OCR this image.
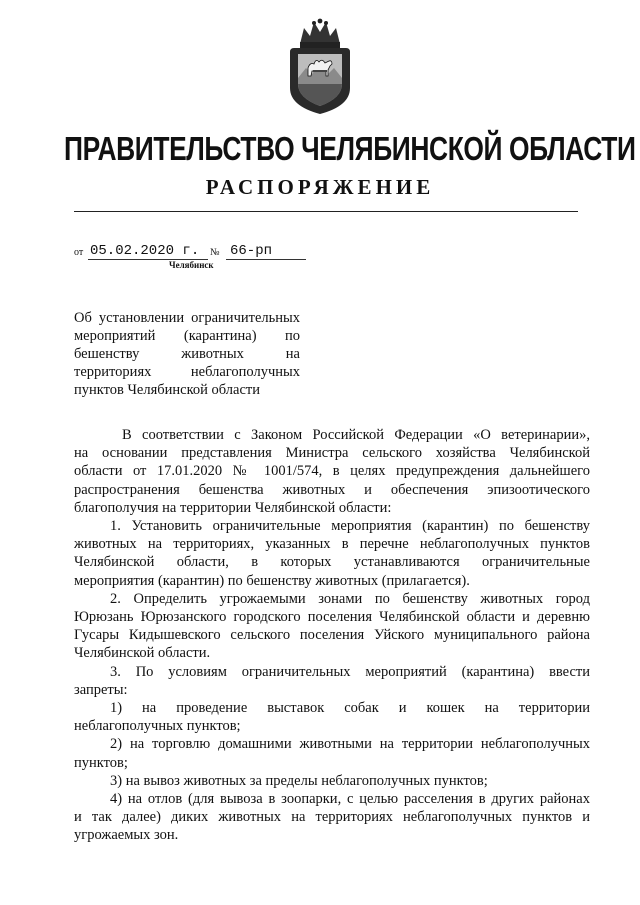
ПРАВИТЕЛЬСТВО ЧЕЛЯБИНСКОЙ ОБЛАСТИ
РАСПОРЯЖЕНИЕ
от 05.02.2020 г.	№ 66-рп
Челябинск
Об установлении ограничительных
мероприятий (карантина) по
бешенству животных на
территориях неблагополучных
пунктов Челябинской области
В соответствии с Законом Российской Федерации «О ветеринарии»,
на основании представления Министра сельского хозяйства Челябинской
области от 17.01.2020 № 1001/574, в целях предупреждения дальнейшего
распространения бешенства животных и обеспечения эпизоотического
благополучия на территории Челябинской области:
1. Установить ограничительные мероприятия (карантин) по бешенству
животных на территориях, указанных в перечне неблагополучных пунктов
Челябинской области, в которых устанавливаются ограничительные
мероприятия (карантин) по бешенству животных (прилагается).
2. Определить угрожаемыми зонами по бешенству животных город
Юрюзань Юрюзанского городского поселения Челябинской области и деревню
Гусары Кидышевского сельского поселения Уйского муниципального района
Челябинской области.
3. По условиям ограничительных мероприятий (карантина) ввести
запреты:
1) на проведение выставок собак и кошек на территории
неблагополучных пунктов;
2) на торговлю домашними животными на территории неблагополучных
пунктов;
3) на вывоз животных за пределы неблагополучных пунктов;
4) на отлов (для вывоза в зоопарки, с целью расселения в других районах
и так далее) диких животных на территориях неблагополучных пунктов и
угрожаемых зон.
